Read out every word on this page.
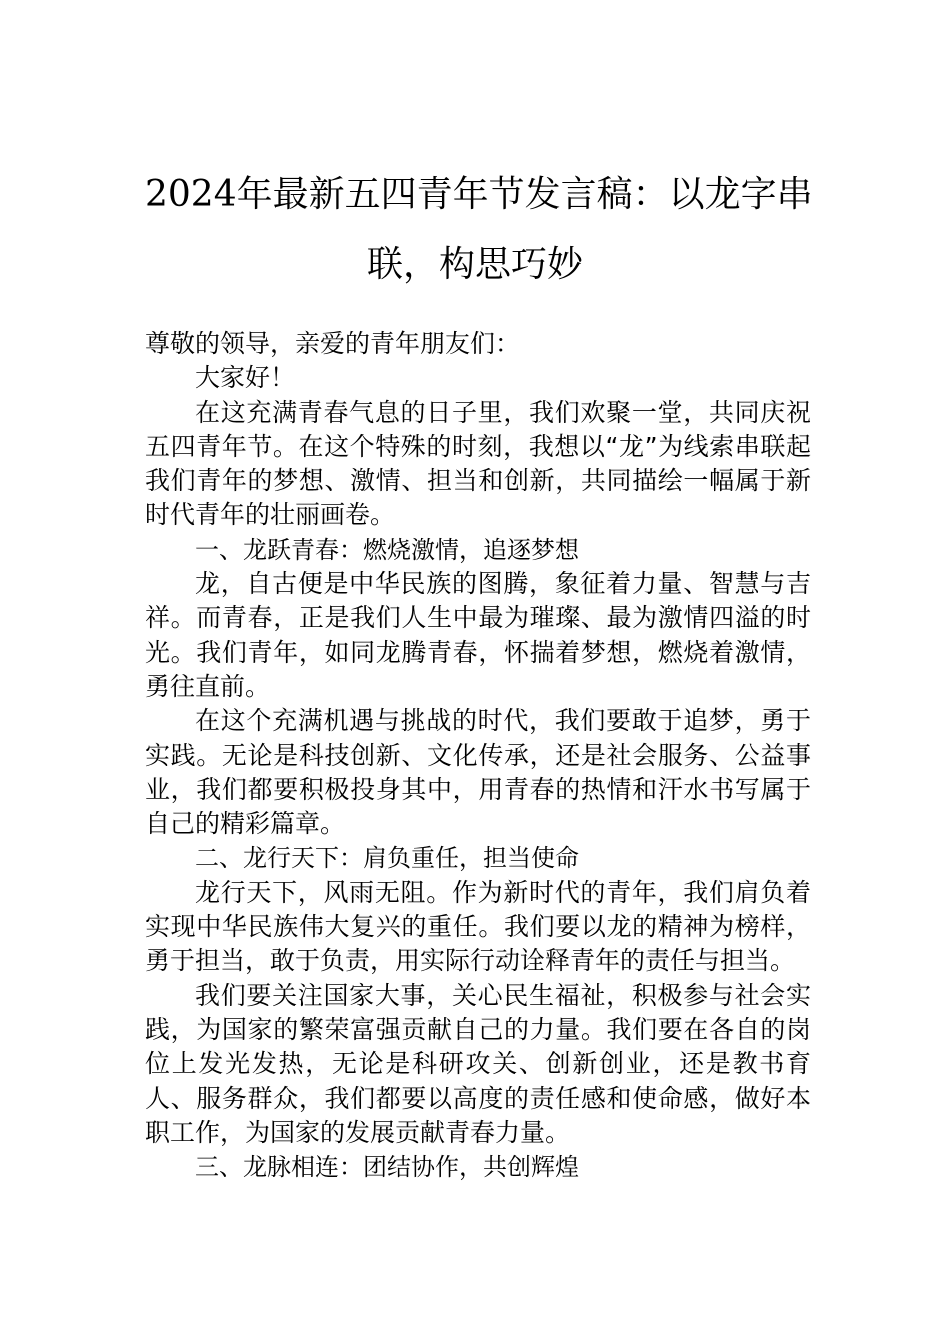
2024年最新五四青年节发言稿：以龙字串
联，构思巧妙

尊敬的领导，亲爱的青年朋友们：

大家好！

在这充满青春气息的日子里，我们欢聚一堂，共同庆祝五四青年节。在这个特殊的时刻，我想以“龙”为线索串联起我们青年的梦想、激情、担当和创新，共同描绘一幅属于新时代青年的壮丽画卷。

一、龙跃青春：燃烧激情，追逐梦想

龙，自古便是中华民族的图腾，象征着力量、智慧与吉祥。而青春，正是我们人生中最为璀璨、最为激情四溢的时光。我们青年，如同龙腾青春，怀揣着梦想，燃烧着激情，勇往直前。

在这个充满机遇与挑战的时代，我们要敢于追梦，勇于实践。无论是科技创新、文化传承，还是社会服务、公益事业，我们都要积极投身其中，用青春的热情和汗水书写属于自己的精彩篇章。

二、龙行天下：肩负重任，担当使命

龙行天下，风雨无阻。作为新时代的青年，我们肩负着实现中华民族伟大复兴的重任。我们要以龙的精神为榜样，勇于担当，敢于负责，用实际行动诠释青年的责任与担当。

我们要关注国家大事，关心民生福祉，积极参与社会实践，为国家的繁荣富强贡献自己的力量。我们要在各自的岗位上发光发热，无论是科研攻关、创新创业，还是教书育人、服务群众，我们都要以高度的责任感和使命感，做好本职工作，为国家的发展贡献青春力量。

三、龙脉相连：团结协作，共创辉煌
